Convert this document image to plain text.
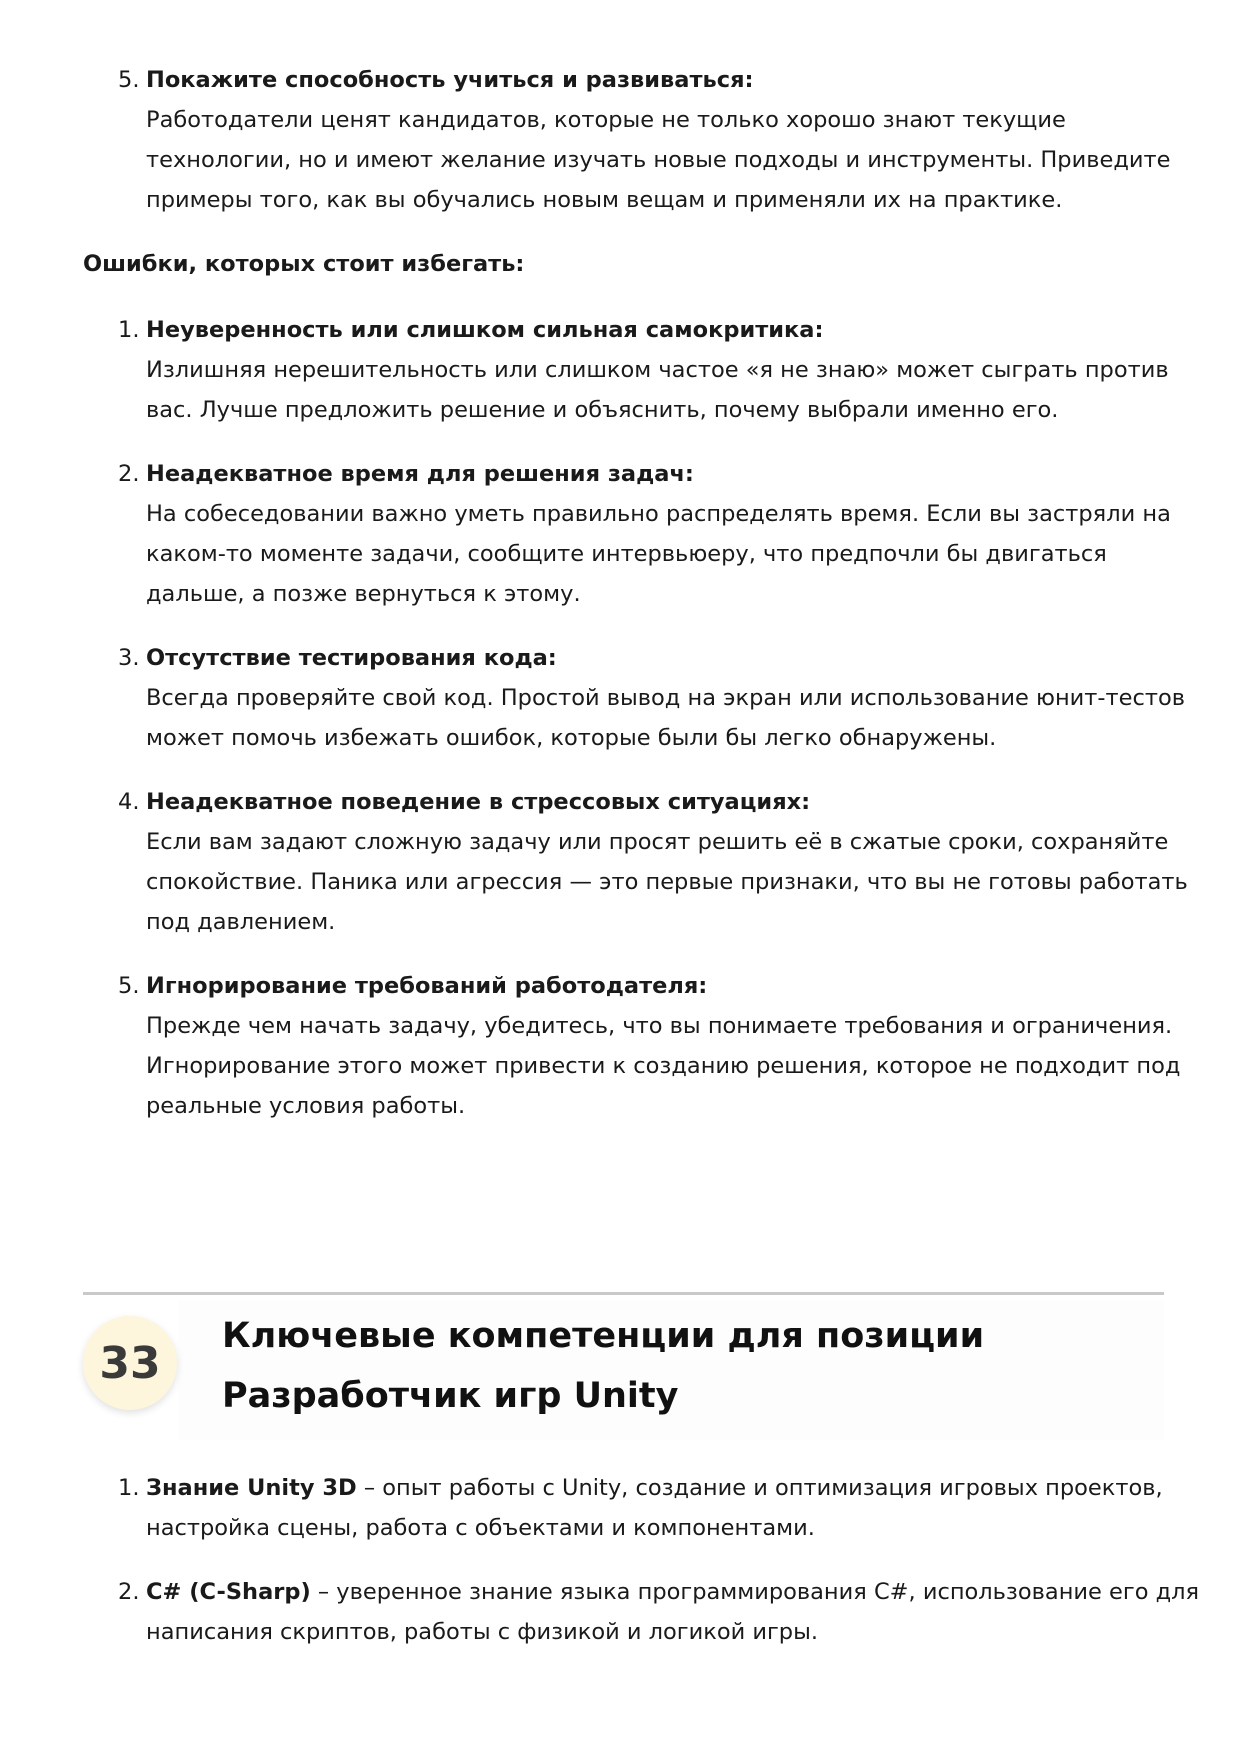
5. Покажите способность учиться и развиваться:
Работодатели ценят кандидатов, которые не только хорошо знают текущие
технологии, но и имеют желание изучать новые подходы и инструменты. Приведите
примеры того, как вы обучались новым вещам и применяли их на практике.
Ошибки, которых стоит избегать:
1. Неуверенность или слишком сильная самокритика:
Излишняя нерешительность или слишком частое «я не знаю» может сыграть против
вас. Лучше предложить решение и объяснить, почему выбрали именно его.
2. Неадекватное время для решения задач:
На собеседовании важно уметь правильно распределять время. Если вы застряли на
каком-то моменте задачи, сообщите интервьюеру, что предпочли бы двигаться
дальше, а позже вернуться к этому.
3. Отсутствие тестирования кода:
Всегда проверяйте свой код. Простой вывод на экран или использование юнит-тестов
может помочь избежать ошибок, которые были бы легко обнаружены.
4. Неадекватное поведение в стрессовых ситуациях:
Если вам задают сложную задачу или просят решить её в сжатые сроки, сохраняйте
спокойствие. Паника или агрессия — это первые признаки, что вы не готовы работать
под давлением.
5. Игнорирование требований работодателя:
Прежде чем начать задачу, убедитесь, что вы понимаете требования и ограничения.
Игнорирование этого может привести к созданию решения, которое не подходит под
реальные условия работы.
33
Ключевые компетенции для позиции
Разработчик игр Unity
1. Знание Unity 3D – опыт работы с Unity, создание и оптимизация игровых проектов,
настройка сцены, работа с объектами и компонентами.
2. C# (C-Sharp) – уверенное знание языка программирования C#, использование его для
написания скриптов, работы с физикой и логикой игры.
